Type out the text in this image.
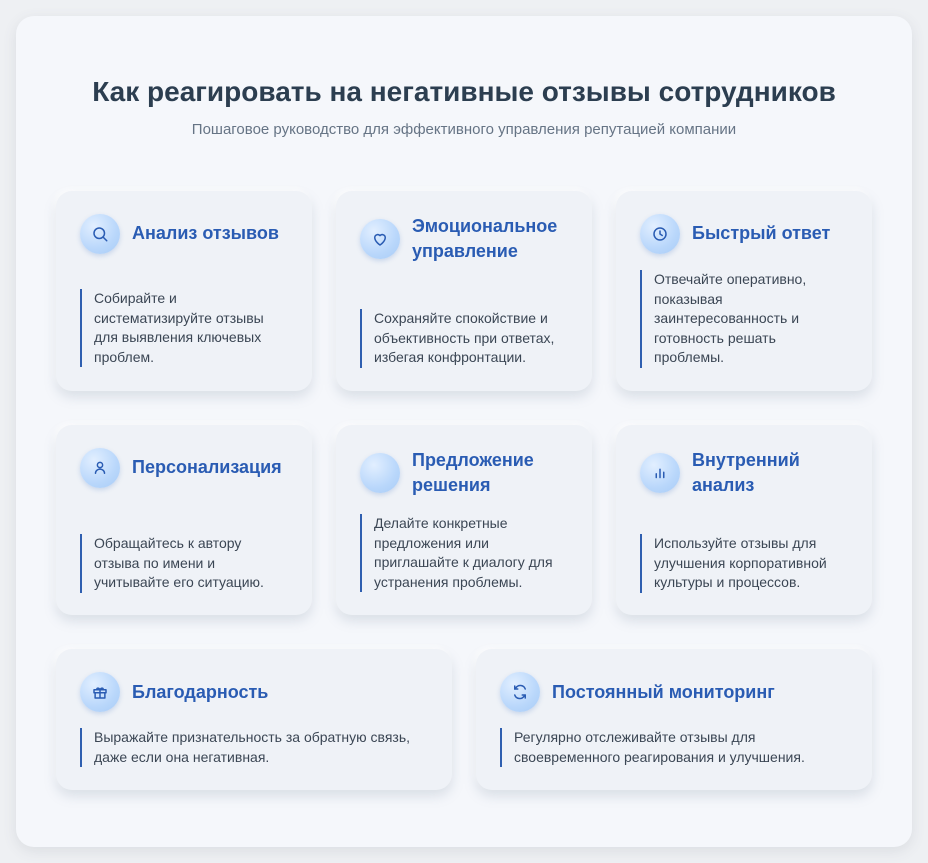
Как реагировать на негативные отзывы сотрудников

Пошаговое руководство для эффективного управления репутацией компании

Анализ отзывов

Собирайте и систематизируйте отзывы для выявления ключевых проблем.

Эмоциональное управление

Сохраняйте спокойствие и объективность при ответах, избегая конфронтации.

Быстрый ответ

Отвечайте оперативно, показывая заинтересованность и готовность решать проблемы.

Персонализация

Обращайтесь к автору отзыва по имени и учитывайте его ситуацию.

Предложение решения

Делайте конкретные предложения или приглашайте к диалогу для устранения проблемы.

Внутренний анализ

Используйте отзывы для улучшения корпоративной культуры и процессов.

Благодарность

Выражайте признательность за обратную связь, даже если она негативная.

Постоянный мониторинг

Регулярно отслеживайте отзывы для своевременного реагирования и улучшения.
